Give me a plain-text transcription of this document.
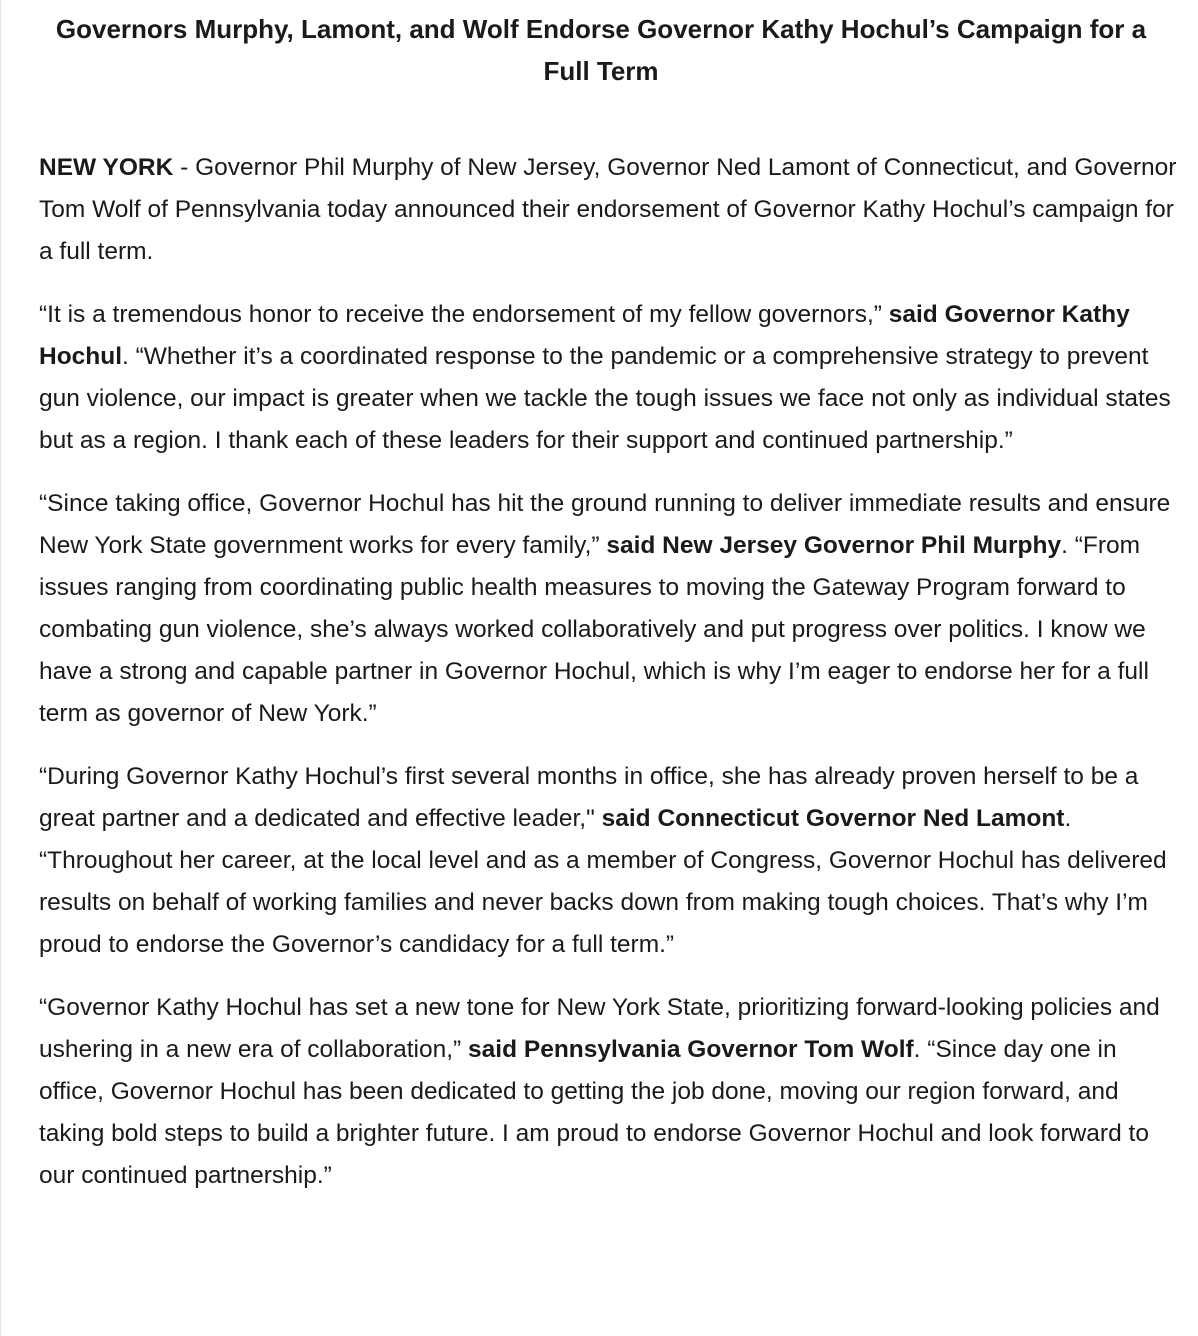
Governors Murphy, Lamont, and Wolf Endorse Governor Kathy Hochul’s Campaign for a Full Term

NEW YORK - Governor Phil Murphy of New Jersey, Governor Ned Lamont of Connecticut, and Governor Tom Wolf of Pennsylvania today announced their endorsement of Governor Kathy Hochul’s campaign for a full term.

“It is a tremendous honor to receive the endorsement of my fellow governors,” said Governor Kathy Hochul. “Whether it’s a coordinated response to the pandemic or a comprehensive strategy to prevent gun violence, our impact is greater when we tackle the tough issues we face not only as individual states but as a region. I thank each of these leaders for their support and continued partnership.”

“Since taking office, Governor Hochul has hit the ground running to deliver immediate results and ensure New York State government works for every family,” said New Jersey Governor Phil Murphy. “From issues ranging from coordinating public health measures to moving the Gateway Program forward to combating gun violence, she’s always worked collaboratively and put progress over politics. I know we have a strong and capable partner in Governor Hochul, which is why I’m eager to endorse her for a full term as governor of New York.”

“During Governor Kathy Hochul’s first several months in office, she has already proven herself to be a great partner and a dedicated and effective leader," said Connecticut Governor Ned Lamont. “Throughout her career, at the local level and as a member of Congress, Governor Hochul has delivered results on behalf of working families and never backs down from making tough choices. That’s why I’m proud to endorse the Governor’s candidacy for a full term.”

“Governor Kathy Hochul has set a new tone for New York State, prioritizing forward-looking policies and ushering in a new era of collaboration,” said Pennsylvania Governor Tom Wolf. “Since day one in office, Governor Hochul has been dedicated to getting the job done, moving our region forward, and taking bold steps to build a brighter future. I am proud to endorse Governor Hochul and look forward to our continued partnership.”
